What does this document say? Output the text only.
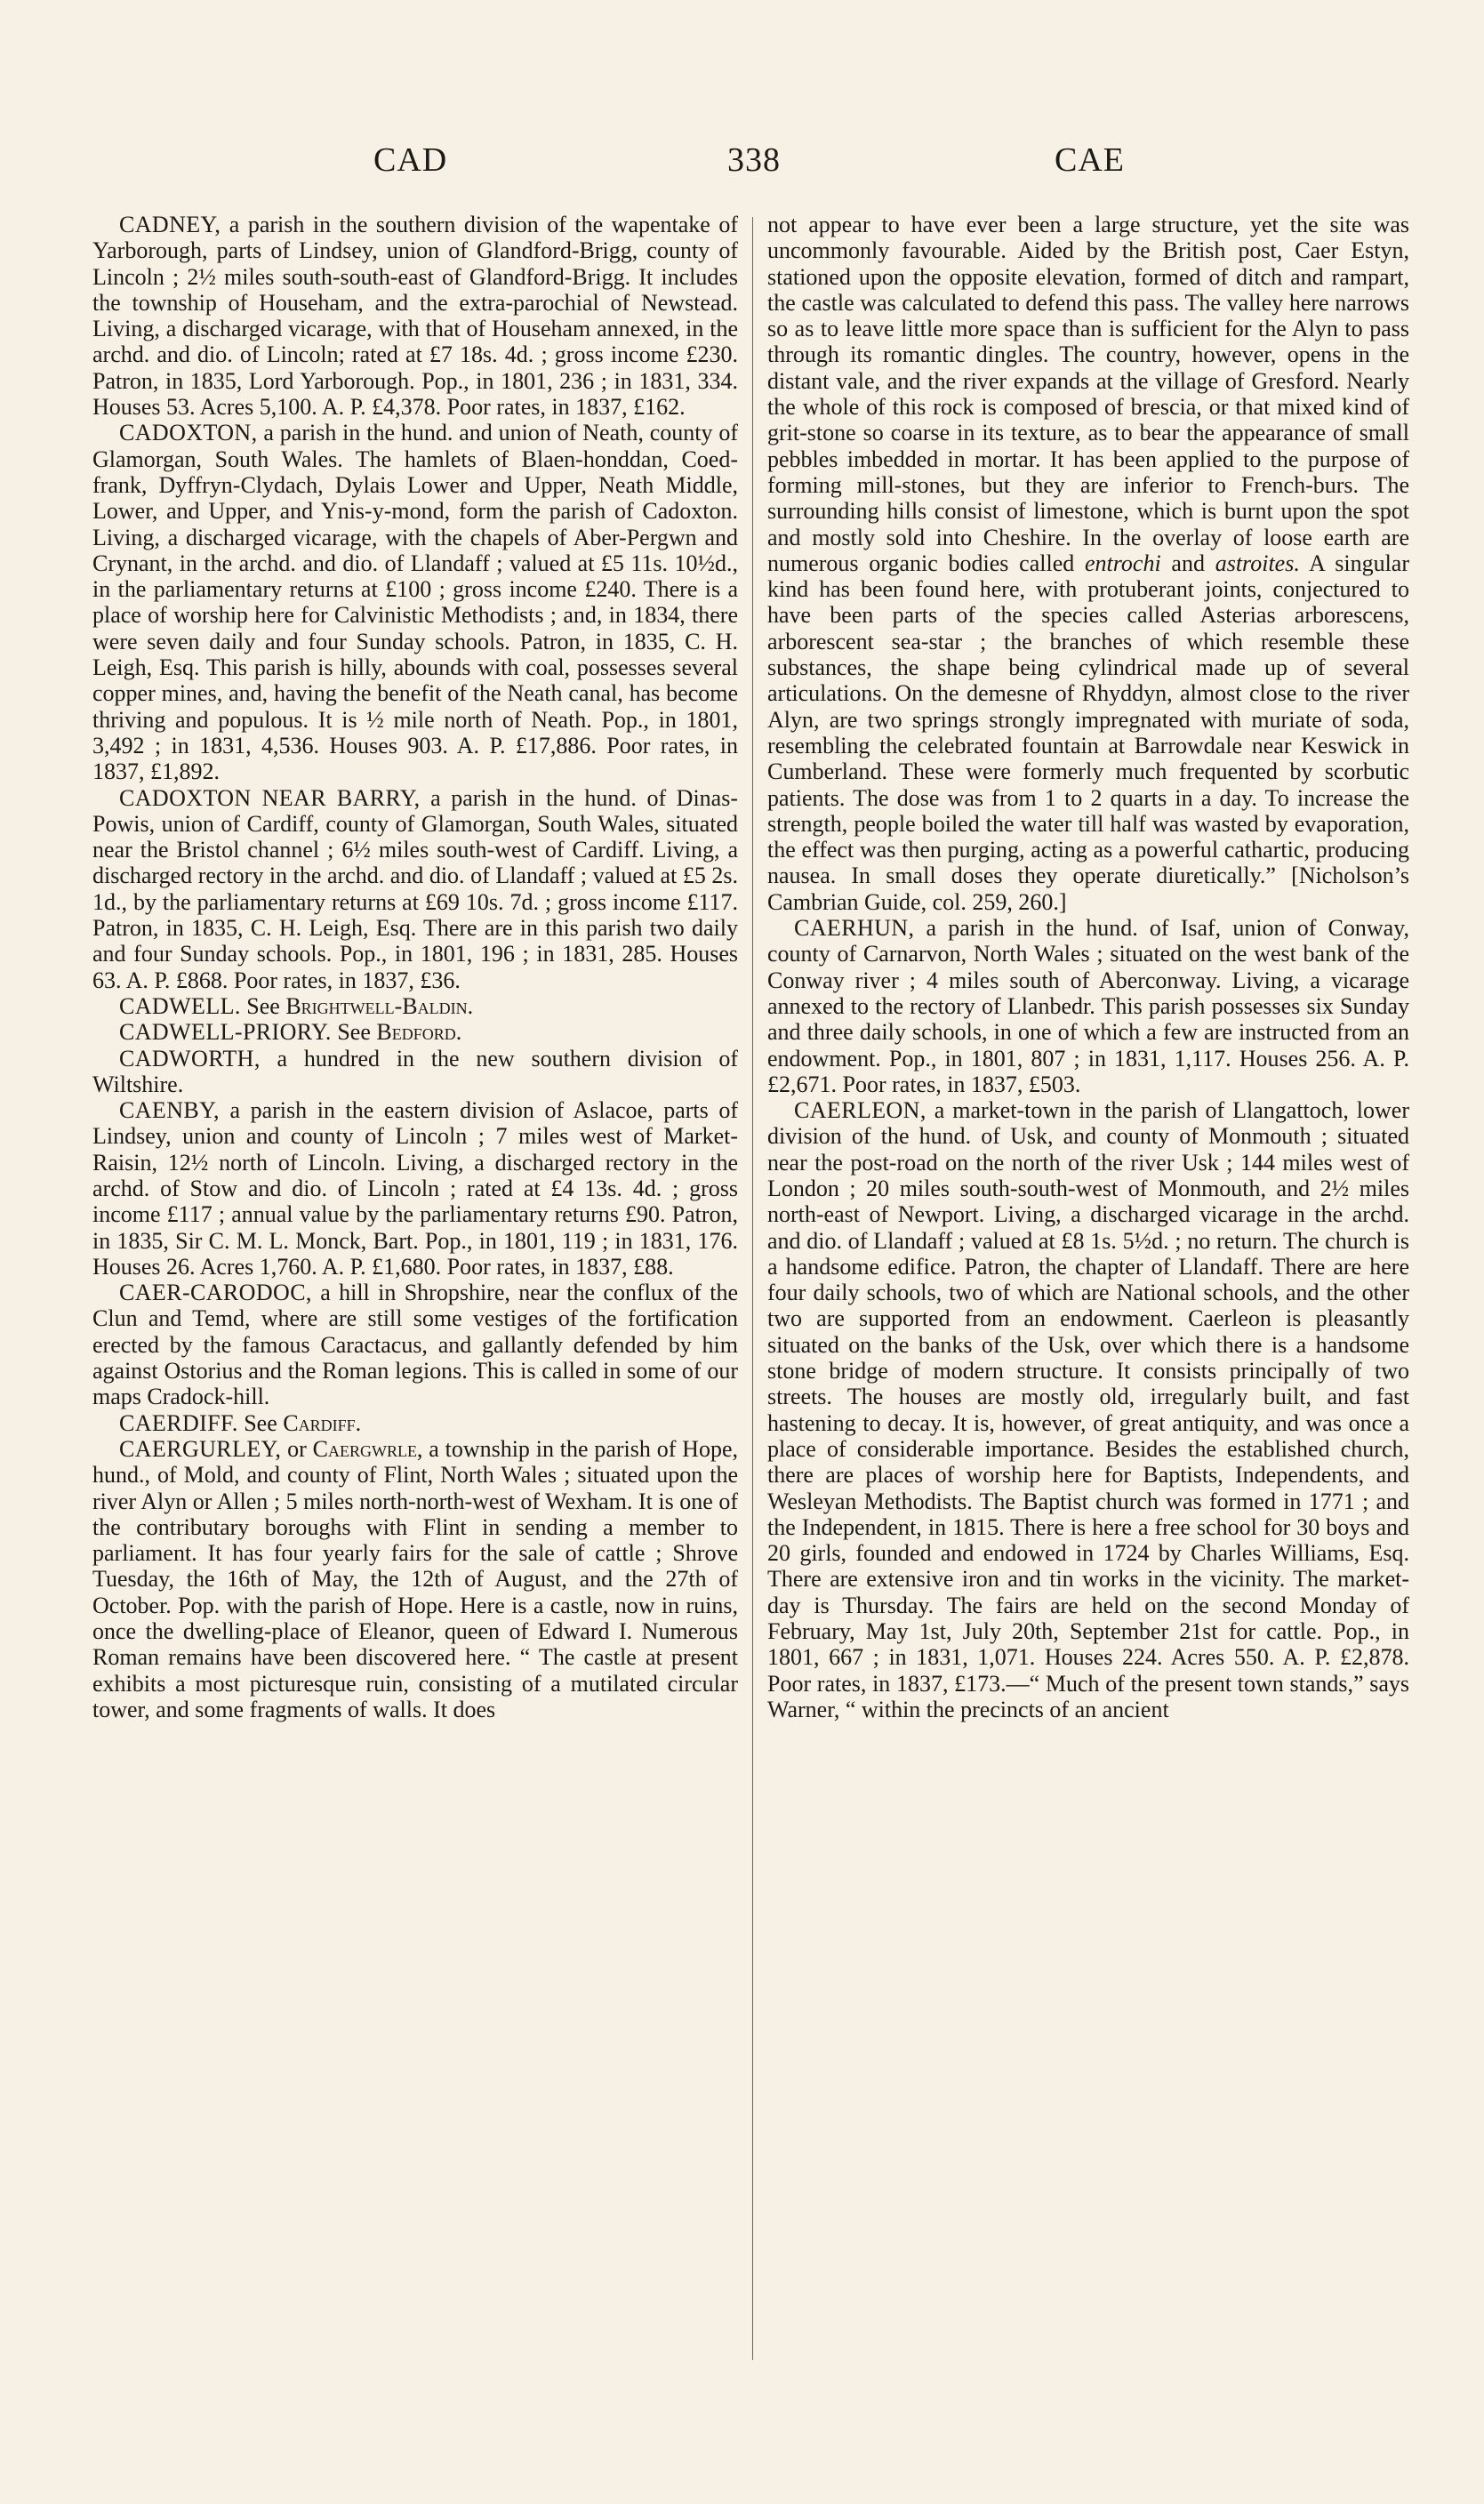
CAD	338	CAE

CADNEY, a parish in the southern division of the wapentake of Yarborough, parts of Lindsey, union of Glandford-Brigg, county of Lincoln ; 2½ miles south-south-east of Glandford-Brigg. It includes the township of Househam, and the extra-parochial of Newstead. Living, a discharged vicarage, with that of Househam annexed, in the archd. and dio. of Lincoln; rated at £7 18s. 4d. ; gross income £230. Patron, in 1835, Lord Yarborough. Pop., in 1801, 236 ; in 1831, 334. Houses 53. Acres 5,100. A. P. £4,378. Poor rates, in 1837, £162.

CADOXTON, a parish in the hund. and union of Neath, county of Glamorgan, South Wales. The hamlets of Blaen-honddan, Coed-frank, Dyffryn-Clydach, Dylais Lower and Upper, Neath Middle, Lower, and Upper, and Ynis-y-mond, form the parish of Cadoxton. Living, a discharged vicarage, with the chapels of Aber-Pergwn and Crynant, in the archd. and dio. of Llandaff ; valued at £5 11s. 10½d., in the parliamentary returns at £100 ; gross income £240. There is a place of worship here for Calvinistic Methodists ; and, in 1834, there were seven daily and four Sunday schools. Patron, in 1835, C. H. Leigh, Esq. This parish is hilly, abounds with coal, possesses several copper mines, and, having the benefit of the Neath canal, has become thriving and populous. It is ½ mile north of Neath. Pop., in 1801, 3,492 ; in 1831, 4,536. Houses 903. A. P. £17,886. Poor rates, in 1837, £1,892.

CADOXTON NEAR BARRY, a parish in the hund. of Dinas-Powis, union of Cardiff, county of Glamorgan, South Wales, situated near the Bristol channel ; 6½ miles south-west of Cardiff. Living, a discharged rectory in the archd. and dio. of Llandaff ; valued at £5 2s. 1d., by the parliamentary returns at £69 10s. 7d. ; gross income £117. Patron, in 1835, C. H. Leigh, Esq. There are in this parish two daily and four Sunday schools. Pop., in 1801, 196 ; in 1831, 285. Houses 63. A. P. £868. Poor rates, in 1837, £36.

CADWELL. See Brightwell-Baldin.

CADWELL-PRIORY. See Bedford.

CADWORTH, a hundred in the new southern division of Wiltshire.

CAENBY, a parish in the eastern division of Aslacoe, parts of Lindsey, union and county of Lincoln ; 7 miles west of Market-Raisin, 12½ north of Lincoln. Living, a discharged rectory in the archd. of Stow and dio. of Lincoln ; rated at £4 13s. 4d. ; gross income £117 ; annual value by the parliamentary returns £90. Patron, in 1835, Sir C. M. L. Monck, Bart. Pop., in 1801, 119 ; in 1831, 176. Houses 26. Acres 1,760. A. P. £1,680. Poor rates, in 1837, £88.

CAER-CARODOC, a hill in Shropshire, near the conflux of the Clun and Temd, where are still some vestiges of the fortification erected by the famous Caractacus, and gallantly defended by him against Ostorius and the Roman legions. This is called in some of our maps Cradock-hill.

CAERDIFF. See Cardiff.

CAERGURLEY, or Caergwrle, a township in the parish of Hope, hund., of Mold, and county of Flint, North Wales ; situated upon the river Alyn or Allen ; 5 miles north-north-west of Wexham. It is one of the contributary boroughs with Flint in sending a member to parliament. It has four yearly fairs for the sale of cattle ; Shrove Tuesday, the 16th of May, the 12th of August, and the 27th of October. Pop. with the parish of Hope. Here is a castle, now in ruins, once the dwelling-place of Eleanor, queen of Edward I. Numerous Roman remains have been discovered here. “ The castle at present exhibits a most picturesque ruin, consisting of a mutilated circular tower, and some fragments of walls. It does

not appear to have ever been a large structure, yet the site was uncommonly favourable. Aided by the British post, Caer Estyn, stationed upon the opposite elevation, formed of ditch and rampart, the castle was calculated to defend this pass. The valley here narrows so as to leave little more space than is sufficient for the Alyn to pass through its romantic dingles. The country, however, opens in the distant vale, and the river expands at the village of Gresford. Nearly the whole of this rock is composed of brescia, or that mixed kind of grit-stone so coarse in its texture, as to bear the appearance of small pebbles imbedded in mortar. It has been applied to the purpose of forming mill-stones, but they are inferior to French-burs. The surrounding hills consist of limestone, which is burnt upon the spot and mostly sold into Cheshire. In the overlay of loose earth are numerous organic bodies called entrochi and astroites. A singular kind has been found here, with protuberant joints, conjectured to have been parts of the species called Asterias arborescens, arborescent sea-star ; the branches of which resemble these substances, the shape being cylindrical made up of several articulations. On the demesne of Rhyddyn, almost close to the river Alyn, are two springs strongly impregnated with muriate of soda, resembling the celebrated fountain at Barrowdale near Keswick in Cumberland. These were formerly much frequented by scorbutic patients. The dose was from 1 to 2 quarts in a day. To increase the strength, people boiled the water till half was wasted by evaporation, the effect was then purging, acting as a powerful cathartic, producing nausea. In small doses they operate diuretically.” [Nicholson’s Cambrian Guide, col. 259, 260.]

CAERHUN, a parish in the hund. of Isaf, union of Conway, county of Carnarvon, North Wales ; situated on the west bank of the Conway river ; 4 miles south of Aberconway. Living, a vicarage annexed to the rectory of Llanbedr. This parish possesses six Sunday and three daily schools, in one of which a few are instructed from an endowment. Pop., in 1801, 807 ; in 1831, 1,117. Houses 256. A. P. £2,671. Poor rates, in 1837, £503.

CAERLEON, a market-town in the parish of Llangattoch, lower division of the hund. of Usk, and county of Monmouth ; situated near the post-road on the north of the river Usk ; 144 miles west of London ; 20 miles south-south-west of Monmouth, and 2½ miles north-east of Newport. Living, a discharged vicarage in the archd. and dio. of Llandaff ; valued at £8 1s. 5½d. ; no return. The church is a handsome edifice. Patron, the chapter of Llandaff. There are here four daily schools, two of which are National schools, and the other two are supported from an endowment. Caerleon is pleasantly situated on the banks of the Usk, over which there is a handsome stone bridge of modern structure. It consists principally of two streets. The houses are mostly old, irregularly built, and fast hastening to decay. It is, however, of great antiquity, and was once a place of considerable importance. Besides the established church, there are places of worship here for Baptists, Independents, and Wesleyan Methodists. The Baptist church was formed in 1771 ; and the Independent, in 1815. There is here a free school for 30 boys and 20 girls, founded and endowed in 1724 by Charles Williams, Esq. There are extensive iron and tin works in the vicinity. The market-day is Thursday. The fairs are held on the second Monday of February, May 1st, July 20th, September 21st for cattle. Pop., in 1801, 667 ; in 1831, 1,071. Houses 224. Acres 550. A. P. £2,878. Poor rates, in 1837, £173.—“ Much of the present town stands,” says Warner, “ within the precincts of an ancient
